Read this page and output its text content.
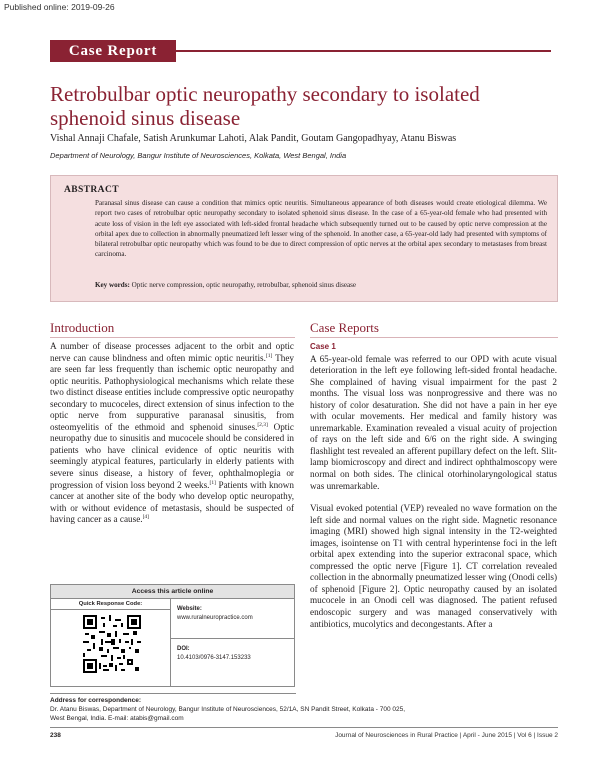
Published online: 2019-09-26
Case Report
Retrobulbar optic neuropathy secondary to isolated sphenoid sinus disease
Vishal Annaji Chafale, Satish Arunkumar Lahoti, Alak Pandit, Goutam Gangopadhyay, Atanu Biswas
Department of Neurology, Bangur Institute of Neurosciences, Kolkata, West Bengal, India
ABSTRACT
Paranasal sinus disease can cause a condition that mimics optic neuritis. Simultaneous appearance of both diseases would create etiological dilemma. We report two cases of retrobulbar optic neuropathy secondary to isolated sphenoid sinus disease. In the case of a 65-year-old female who had presented with acute loss of vision in the left eye associated with left-sided frontal headache which subsequently turned out to be caused by optic nerve compression at the orbital apex due to collection in abnormally pneumatized left lesser wing of the sphenoid. In another case, a 65-year-old lady had presented with symptoms of bilateral retrobulbar optic neuropathy which was found to be due to direct compression of optic nerves at the orbital apex secondary to metastases from breast carcinoma.
Key words: Optic nerve compression, optic neuropathy, retrobulbar, sphenoid sinus disease
Introduction	Case Reports

A number of disease processes adjacent to the orbit and optic nerve can cause blindness and often mimic optic neuritis.[1] They are seen far less frequently than ischemic optic neuropathy and optic neuritis. Pathophysiological mechanisms which relate these two distinct disease entities include compressive optic neuropathy secondary to mucoceles, direct extension of sinus infection to the optic nerve from suppurative paranasal sinusitis, from osteomyelitis of the ethmoid and sphenoid sinuses.[2,3] Optic neuropathy due to sinusitis and mucocele should be considered in patients who have clinical evidence of optic neuritis with seemingly atypical features, particularly in elderly patients with severe sinus disease, a history of fever, ophthalmoplegia or progression of vision loss beyond 2 weeks.[1] Patients with known cancer at another site of the body who develop optic neuropathy, with or without evidence of metastasis, should be suspected of having cancer as a cause.[4]

Access this article online
Quick Response Code:
Website:
www.ruralneuropractice.com
DOI:
10.4103/0976-3147.153233
Case 1

A 65-year-old female was referred to our OPD with acute visual deterioration in the left eye following left-sided frontal headache. She complained of having visual impairment for the past 2 months. The visual loss was nonprogressive and there was no history of color desaturation. She did not have a pain in her eye with ocular movements. Her medical and family history was unremarkable. Examination revealed a visual acuity of projection of rays on the left side and 6/6 on the right side. A swinging flashlight test revealed an afferent pupillary defect on the left. Slit-lamp biomicroscopy and direct and indirect ophthalmoscopy were normal on both sides. The clinical otorhinolaryngological status was unremarkable.

Visual evoked potential (VEP) revealed no wave formation on the left side and normal values on the right side. Magnetic resonance imaging (MRI) showed high signal intensity in the T2-weighted images, isointense on T1 with central hyperintense foci in the left orbital apex extending into the superior extraconal space, which compressed the optic nerve [Figure 1]. CT correlation revealed collection in the abnormally pneumatized lesser wing (Onodi cells) of sphenoid [Figure 2]. Optic neuropathy caused by an isolated mucocele in an Onodi cell was diagnosed. The patient refused endoscopic surgery and was managed conservatively with antibiotics, mucolytics and decongestants. After a

Address for correspondence:
Dr. Atanu Biswas, Department of Neurology, Bangur Institute of Neurosciences, 52/1A, SN Pandit Street, Kolkata - 700 025,
West Bengal, India. E-mail: atabis@gmail.com
238	Journal of Neurosciences in Rural Practice | April - June 2015 | Vol 6 | Issue 2
